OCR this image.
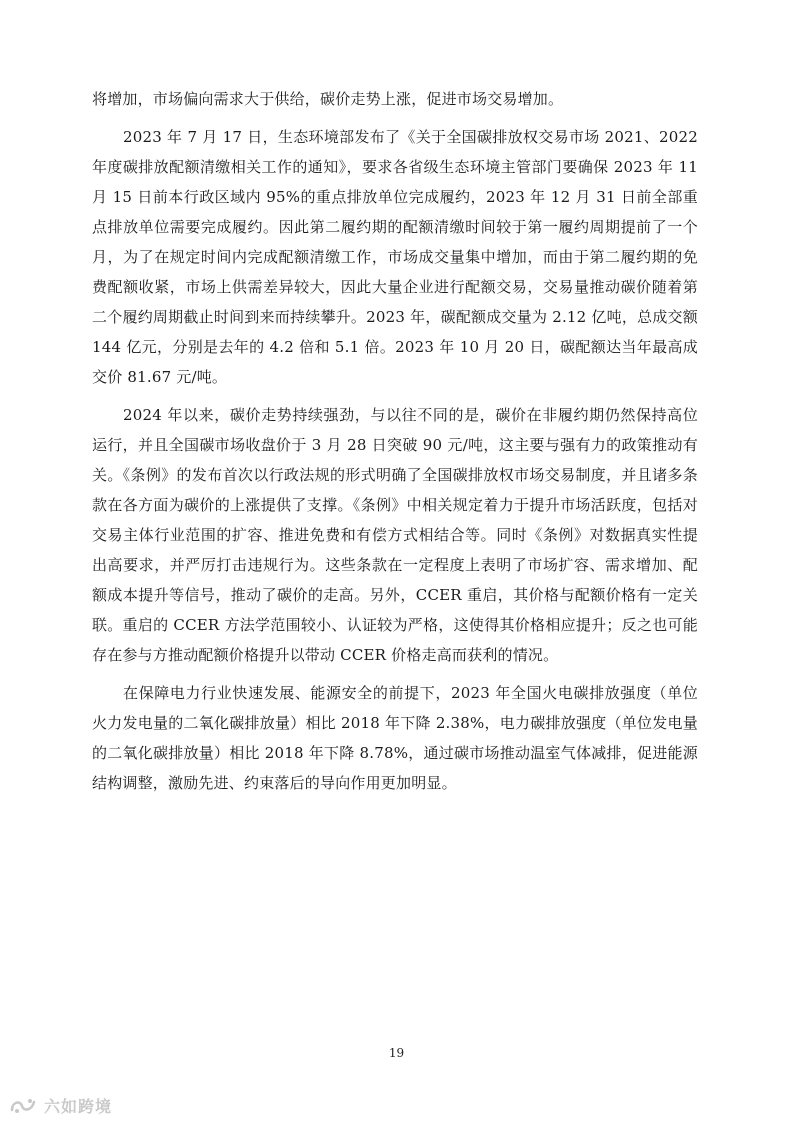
将增加，市场偏向需求大于供给，碳价走势上涨，促进市场交易增加。

2023 年 7 月 17 日，生态环境部发布了《关于全国碳排放权交易市场 2021、2022 年度碳排放配额清缴相关工作的通知》，要求各省级生态环境主管部门要确保 2023 年 11 月 15 日前本行政区域内 95%的重点排放单位完成履约，2023 年 12 月 31 日前全部重点排放单位需要完成履约。因此第二履约期的配额清缴时间较于第一履约周期提前了一个月，为了在规定时间内完成配额清缴工作，市场成交量集中增加，而由于第二履约期的免费配额收紧，市场上供需差异较大，因此大量企业进行配额交易，交易量推动碳价随着第二个履约周期截止时间到来而持续攀升。2023 年，碳配额成交量为 2.12 亿吨，总成交额 144 亿元，分别是去年的 4.2 倍和 5.1 倍。2023 年 10 月 20 日，碳配额达当年最高成交价 81.67 元/吨。

2024 年以来，碳价走势持续强劲，与以往不同的是，碳价在非履约期仍然保持高位运行，并且全国碳市场收盘价于 3 月 28 日突破 90 元/吨，这主要与强有力的政策推动有关。《条例》的发布首次以行政法规的形式明确了全国碳排放权市场交易制度，并且诸多条款在各方面为碳价的上涨提供了支撑。《条例》中相关规定着力于提升市场活跃度，包括对交易主体行业范围的扩容、推进免费和有偿方式相结合等。同时《条例》对数据真实性提出高要求，并严厉打击违规行为。这些条款在一定程度上表明了市场扩容、需求增加、配额成本提升等信号，推动了碳价的走高。另外，CCER 重启，其价格与配额价格有一定关联。重启的 CCER 方法学范围较小、认证较为严格，这使得其价格相应提升；反之也可能存在参与方推动配额价格提升以带动 CCER 价格走高而获利的情况。

在保障电力行业快速发展、能源安全的前提下，2023 年全国火电碳排放强度（单位火力发电量的二氧化碳排放量）相比 2018 年下降 2.38%，电力碳排放强度（单位发电量的二氧化碳排放量）相比 2018 年下降 8.78%，通过碳市场推动温室气体减排，促进能源结构调整，激励先进、约束落后的导向作用更加明显。

19
六如跨境
